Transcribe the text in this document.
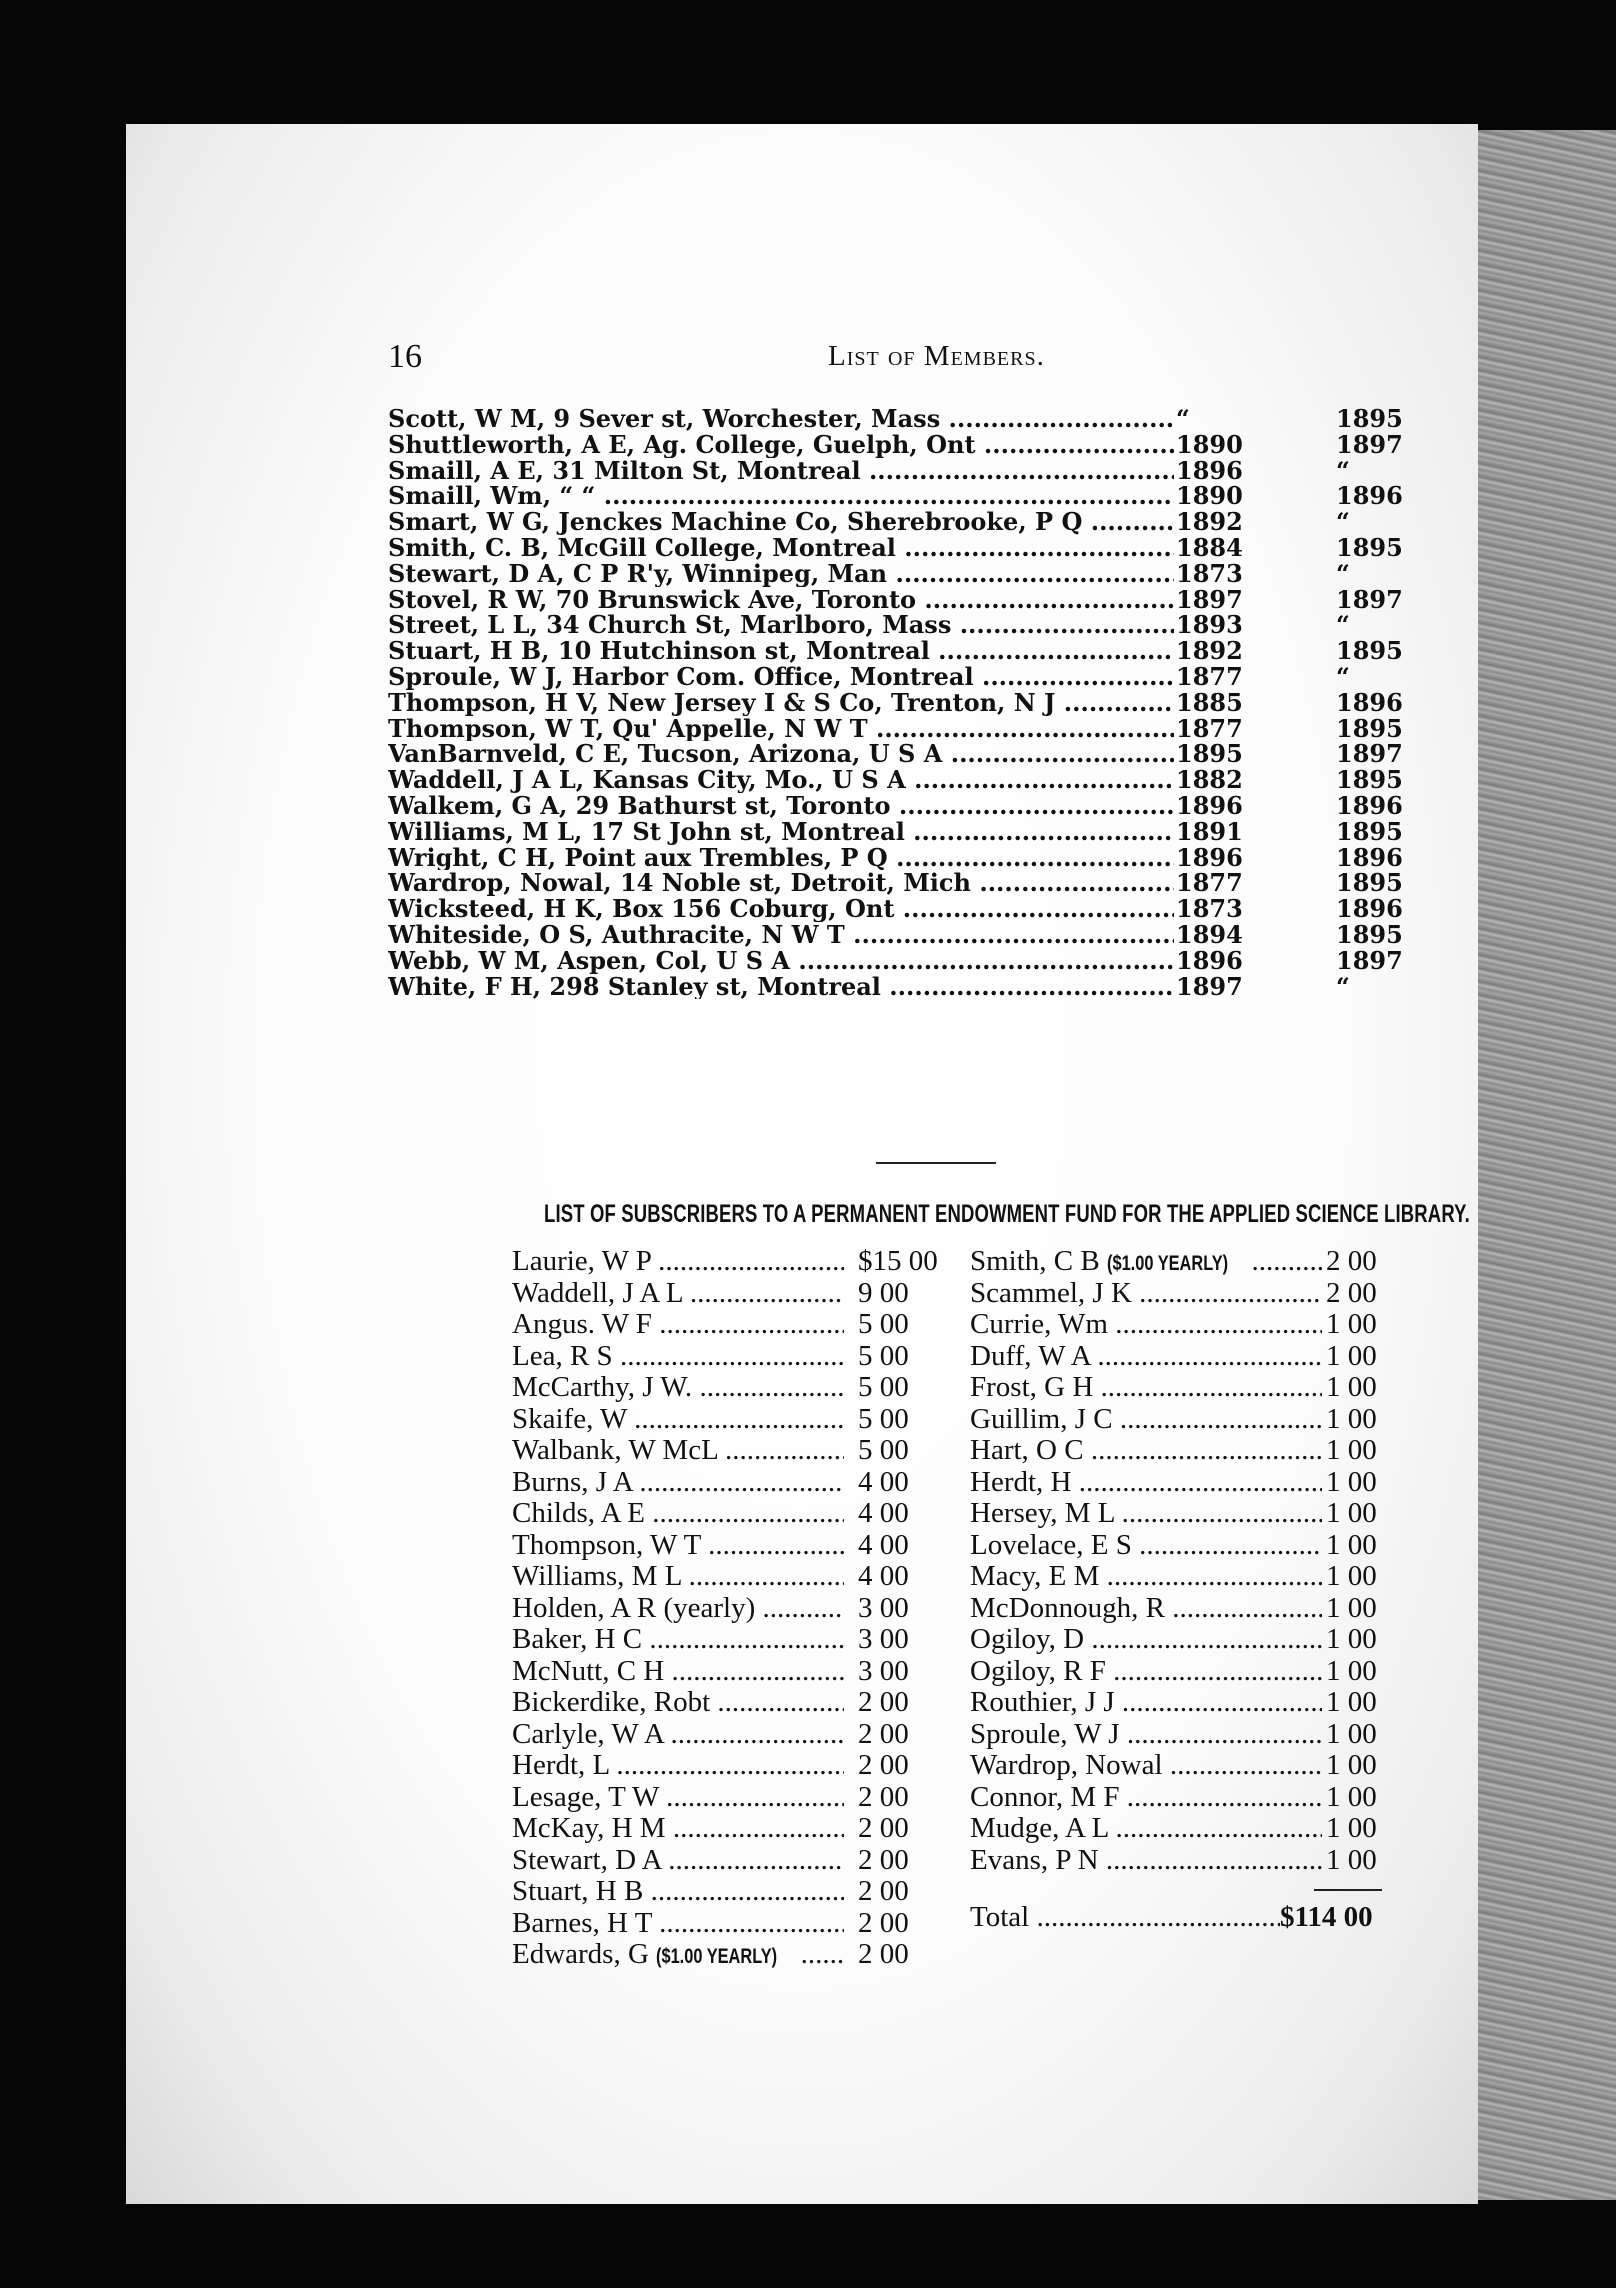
16	List of Members.
Scott, W M, 9 Sever st, Worchester, Mass .....	“	1895
Shuttleworth, A E, Ag. College, Guelph, Ont .....	1890	1897
Smaill, A E, 31 Milton St, Montreal .....	1896	“
Smaill, Wm, “ “ .....	1890	1896
Smart, W G, Jenckes Machine Co, Sherebrooke, P Q .....	1892	“
Smith, C. B, McGill College, Montreal .....	1884	1895
Stewart, D A, C P R'y, Winnipeg, Man .....	1873	“
Stovel, R W, 70 Brunswick Ave, Toronto .....	1897	1897
Street, L L, 34 Church St, Marlboro, Mass .....	1893	“
Stuart, H B, 10 Hutchinson st, Montreal .....	1892	1895
Sproule, W J, Harbor Com. Office, Montreal .....	1877	“
Thompson, H V, New Jersey I & S Co, Trenton, N J .....	1885	1896
Thompson, W T, Qu' Appelle, N W T .....	1877	1895
VanBarnveld, C E, Tucson, Arizona, U S A .....	1895	1897
Waddell, J A L, Kansas City, Mo., U S A .....	1882	1895
Walkem, G A, 29 Bathurst st, Toronto .....	1896	1896
Williams, M L, 17 St John st, Montreal .....	1891	1895
Wright, C H, Point aux Trembles, P Q .....	1896	1896
Wardrop, Nowal, 14 Noble st, Detroit, Mich .....	1877	1895
Wicksteed, H K, Box 156 Coburg, Ont .....	1873	1896
Whiteside, O S, Authracite, N W T .....	1894	1895
Webb, W M, Aspen, Col, U S A .....	1896	1897
White, F H, 298 Stanley st, Montreal .....	1897	“
LIST OF SUBSCRIBERS TO A PERMANENT ENDOWMENT FUND FOR THE APPLIED SCIENCE LIBRARY.
Laurie, W P .....	$15 00
Waddell, J A L .....	9 00
Angus. W F .....	5 00
Lea, R S .....	5 00
McCarthy, J W. .....	5 00
Skaife, W .....	5 00
Walbank, W McL .....	5 00
Burns, J A .....	4 00
Childs, A E .....	4 00
Thompson, W T .....	4 00
Williams, M L .....	4 00
Holden, A R (yearly) .....	3 00
Baker, H C .....	3 00
McNutt, C H .....	3 00
Bickerdike, Robt .....	2 00
Carlyle, W A .....	2 00
Herdt, L .....	2 00
Lesage, T W .....	2 00
McKay, H M .....	2 00
Stewart, D A .....	2 00
Stuart, H B .....	2 00
Barnes, H T .....	2 00
Edwards, G ($1.00 YEARLY) .....	2 00
Smith, C B ($1.00 YEARLY) .....	2 00
Scammel, J K .....	2 00
Currie, Wm .....	1 00
Duff, W A .....	1 00
Frost, G H .....	1 00
Guillim, J C .....	1 00
Hart, O C .....	1 00
Herdt, H .....	1 00
Hersey, M L .....	1 00
Lovelace, E S .....	1 00
Macy, E M .....	1 00
McDonnough, R .....	1 00
Ogiloy, D .....	1 00
Ogiloy, R F .....	1 00
Routhier, J J .....	1 00
Sproule, W J .....	1 00
Wardrop, Nowal .....	1 00
Connor, M F .....	1 00
Mudge, A L .....	1 00
Evans, P N .....	1 00
Total .....	$114 00
